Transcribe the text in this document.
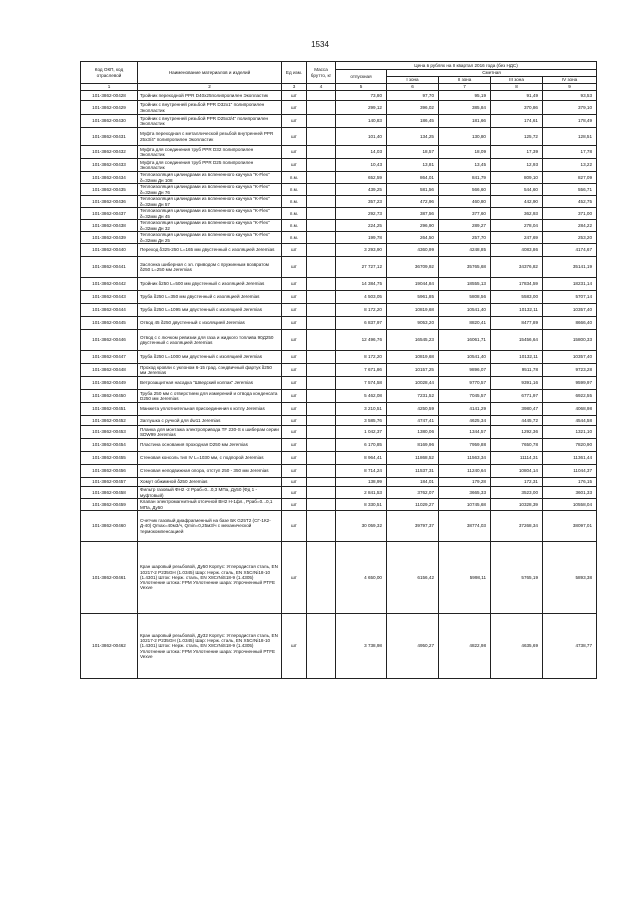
1534
Код ОКП, код отраслевой	Наименование материалов и изделий	Ед изм.	Масса брутто, кг	Цена в рублях на II квартал 2016 года (без НДС)				
				отпускная	Сметная			
					I зона	II зона	III зона	IV зона
1	2	3	4	5	6	7	8	9
101-3862-00428	Тройник переходной PPR D40х25полипропилен Экопластик	шт		73,80	97,70	95,19	91,49	93,53
101-3862-00429	Тройник с внутренней резьбой PPR D32x1" полипропилен Экопластик	шт		299,12	396,02	385,84	370,86	379,10
101-3862-00430	Тройник с внутренней резьбой PPR D25x3/4" полипропилен Экопластик	шт		140,83	186,45	181,66	174,61	178,49
101-3862-00431	Муфта переходная с металлической резьбой внутренней PPR 25х3/4" полипропилен Экопластик	шт		101,40	134,25	130,80	125,72	128,51
101-3862-00432	Муфта для соединения труб PPR D32 полипропилен Экопластик	шт		14,03	18,57	18,09	17,39	17,78
101-3862-00433	Муфта для соединения труб PPR D25 полипропилен Экопластик	шт		10,43	13,81	13,45	12,93	13,22
101-3862-00434	Теплоизоляция цилиндрами из вспененного каучука "K-Flex" δ=32мм Дн 108	п.м.		652,59	864,01	841,79	809,10	827,09
101-3862-00435	Теплоизоляция цилиндрами из вспененного каучука "K-Flex" δ=32мм Дн 76	п.м.		439,25	581,56	566,60	544,60	556,71
101-3862-00436	Теплоизоляция цилиндрами из вспененного каучука "K-Flex" δ=32мм Дн 57	п.м.		357,23	472,96	460,80	442,90	452,75
101-3862-00437	Теплоизоляция цилиндрами из вспененного каучука "K-Flex" δ=32мм Дн 45	п.м.		292,73	387,56	377,60	362,93	371,00
101-3862-00438	Теплоизоляция цилиндрами из вспененного каучука "K-Flex" δ=32мм Дн 32	п.м.		224,25	296,90	289,27	278,04	284,22
101-3862-00439	Теплоизоляция цилиндрами из вспененного каучука "K-Flex" δ=32мм Дн 25	п.м.		199,78	264,50	257,70	247,69	253,20
101-3862-00440	Переход δ325-250 L=165 мм двустенный с изоляцией Jeremias	шт		3 293,90	4360,99	4248,85	4083,86	4174,67
101-3862-00441	Заслонка шиберная с эл. приводом с пружинным возвратом δ250 L=250 мм Jeremias	шт		27 727,12	36709,92	35765,68	34376,82	35141,19
101-3862-00442	Тройник δ250 L=500 мм двустенный с изоляцией Jeremias	шт		14 384,75	19044,84	18555,13	17834,59	18231,14
101-3862-00443	Труба δ250 L=350 мм двустенный с изоляцией Jeremias	шт		4 503,05	5961,85	5808,56	5583,00	5707,14
101-3862-00444	Труба δ250 L=1095 мм двустенный с изоляцией Jeremias	шт		8 172,20	10819,68	10541,40	10132,11	10357,40
101-3862-00445	Отвод 45 δ250 двустенный с изоляцией Jeremias	шт		6 837,97	9053,20	8820,41	8477,89	8666,40
101-3862-00446	Отвод с с лючком ревизии для газа и жидкого топлива 90Д250 двустенный с изоляцией Jeremias	шт		12 496,76	16545,23	16061,71	15456,64	15800,33
101-3862-00447	Труба δ250 L=1000 мм двустенный с изоляцией Jeremias	шт		8 172,20	10819,68	10541,40	10132,11	10357,40
101-3862-00448	Проход кровли с уклоном 6-15 град. сэндвичный фартук δ250 мм Jeremias	шт		7 671,86	10157,25	9896,07	9511,78	9723,28
101-3862-00449	Ветрозащитная насадка "Шведский колпак" Jeremias	шт		7 574,58	10028,44	9770,57	9391,16	9599,97
101-3862-00450	Труба 250 мм с отверстием для измерений и отвода конденсата D250 мм Jeremias	шт		5 462,08	7231,52	7045,57	6771,97	6922,55
101-3862-00451	Манжета уплотнительная присоединения к котлу Jeremias	шт		3 210,51	4250,59	4141,29	3980,47	4068,98
101-3862-00452	Заглушка с ручкой для dw11 Jeremias	шт		3 585,76	4747,41	4625,34	4445,72	4544,58
101-3862-00453	Планка для монтажа электропривода TF 230-S к шиберам серии SDW99 Jeremias	шт		1 042,37	1380,06	1344,57	1292,36	1321,10
101-3862-00454	Пластина основания проходная D250 мм Jeremias	шт		6 170,85	8169,96	7959,88	7650,78	7820,90
101-3862-00455	Стеновая консоль тип IV L=1030 мм, с подпорой Jeremias	шт		8 964,41	11868,52	11563,34	11114,31	11361,44
101-3862-00456	Стеновая неподвижная опора, отступ 250 - 350 мм Jeremias	шт		8 714,24	11537,31	11240,64	10804,14	11044,37
101-3862-00457	Хомут обжимной δ250 Jeremias	шт		138,99	184,01	179,28	172,31	176,15
101-3862-00458	Фильтр газовый ФН2 -2 Рраб=0...0,3 МПа, Ду50 (Фд 1 - муфтовый)	шт		2 841,53	3762,07	3665,33	3523,00	3601,33
101-3862-00459	Клапан электромагнитный отсечной ВН2 Н-1фл., Рраб=0...0,1 МПа, Ду50	шт		8 330,51	11029,27	10745,68	10328,39	10558,04
101-3862-00460	Счетчик газовый диафрагменный на базе БК G25Т2 (СГ-1К2-Д-40) Qmax=40м3/ч, Qmin=0,25м3/ч с механической термокомпенсацией	шт		30 059,32	39797,37	38774,03	37268,34	38097,01
101-3862-00461	Кран шаровый резьбовой, Ду50 Корпус: Углеродистая сталь, EN 10217-2 P235GH (1.0345) Шар: Нерж. сталь, EN X5CrNi18-10 (1.4301) Шток: Нерж. сталь, EN X8CrNiS18-9 (1.4305) Уплотнение штока: FPM Уплотнение шара: Упрочненный PTFE Vexve	шт		4 650,00	6156,42	5998,11	5765,19	5893,38
101-3862-00462	Кран шаровый резьбовой, Ду32 Корпус: Углеродистая сталь, EN 10217-2 P235GH (1.0345) Шар: Нерж. сталь, EN X5CrNi18-10 (1.4301) Шток: Нерж. сталь, EN X8CrNiS18-9 (1.4305) Уплотнение штока: FPM Уплотнение шара: Упрочненный PTFE Vexve	шт		3 738,98	4950,27	4822,98	4635,69	4738,77
